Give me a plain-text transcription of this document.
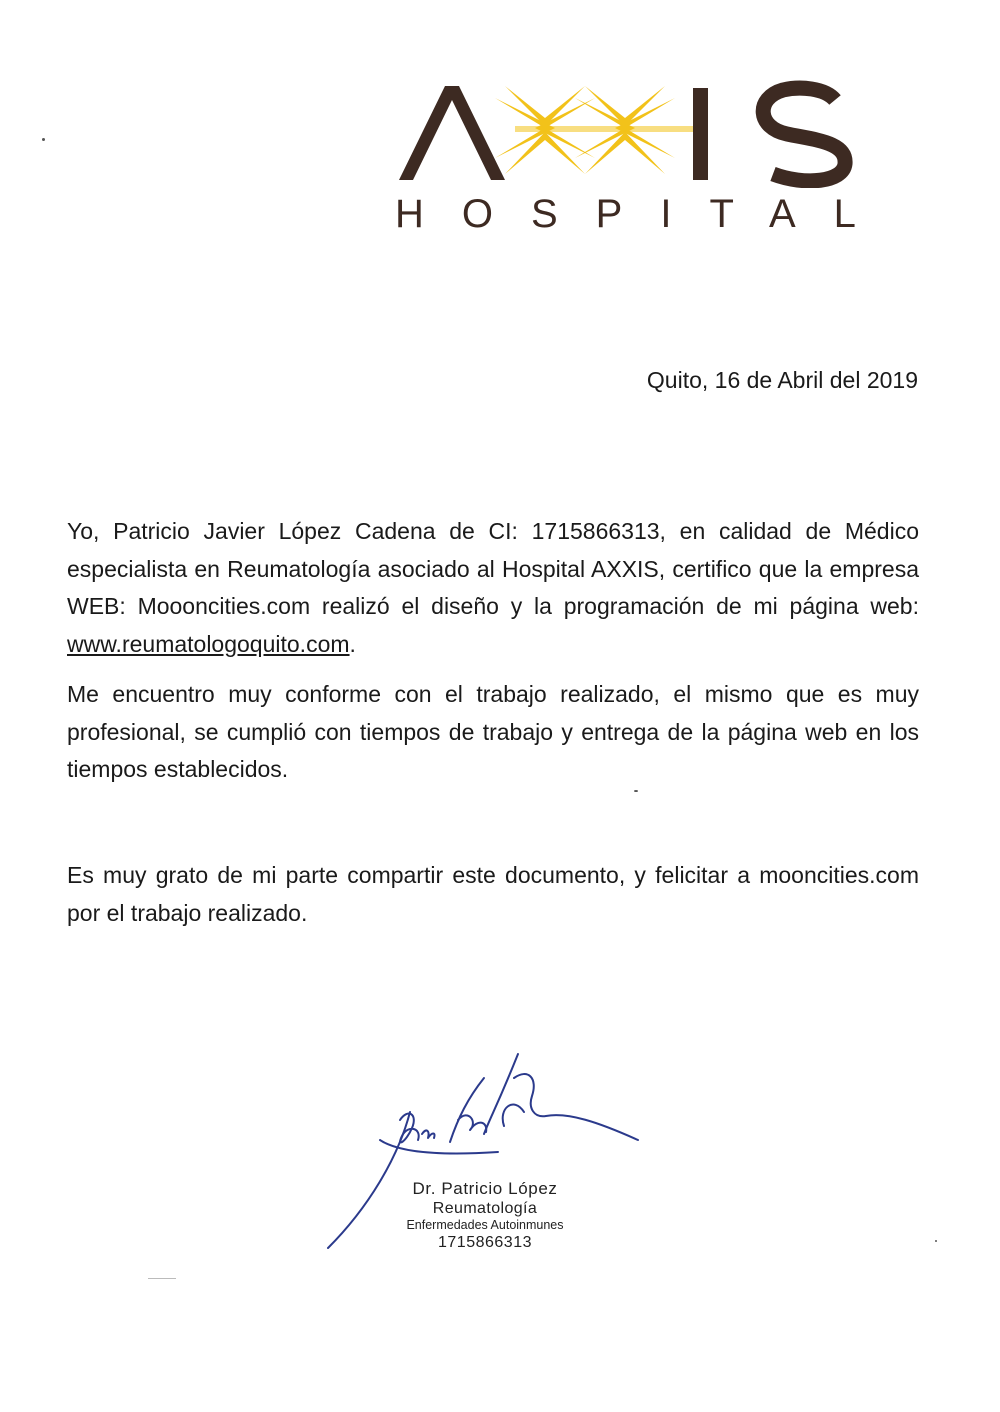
HOSPITAL
Quito, 16 de Abril del 2019
Yo, Patricio Javier López Cadena de CI: 1715866313, en calidad de Médico especialista en Reumatología asociado al Hospital AXXIS, certifico que la empresa WEB: Moooncities.com realizó el diseño y la programación de mi página web: www.reumatologoquito.com.
Me encuentro muy conforme con el trabajo realizado, el mismo que es muy profesional, se cumplió con tiempos de trabajo y entrega de la página web en los tiempos establecidos.
Es muy grato de mi parte compartir este documento, y felicitar a mooncities.com por el trabajo realizado.
Dr. Patricio López
Reumatología
Enfermedades Autoinmunes
1715866313
